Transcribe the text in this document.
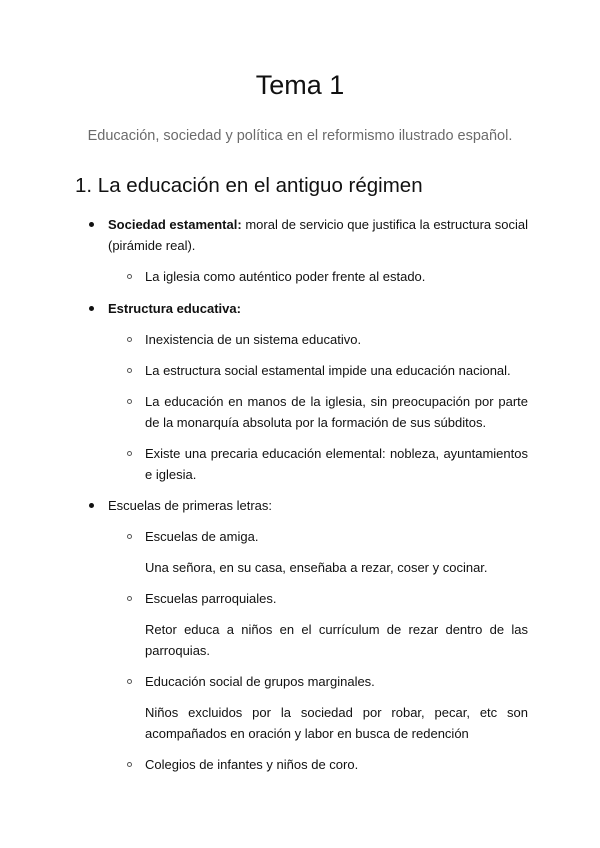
Tema 1
Educación, sociedad y política en el reformismo ilustrado español.
1. La educación en el antiguo régimen
Sociedad estamental: moral de servicio que justifica la estructura social (pirámide real).
La iglesia como auténtico poder frente al estado.
Estructura educativa:
Inexistencia de un sistema educativo.
La estructura social estamental impide una educación nacional.
La educación en manos de la iglesia, sin preocupación por parte de la monarquía absoluta por la formación de sus súbditos.
Existe una precaria educación elemental: nobleza, ayuntamientos e iglesia.
Escuelas de primeras letras:
Escuelas de amiga.
Una señora, en su casa, enseñaba a rezar, coser y cocinar.
Escuelas parroquiales.
Retor educa a niños en el currículum de rezar dentro de las parroquias.
Educación social de grupos marginales.
Niños excluidos por la sociedad por robar, pecar, etc son acompañados en oración y labor en busca de redención
Colegios de infantes y niños de coro.
